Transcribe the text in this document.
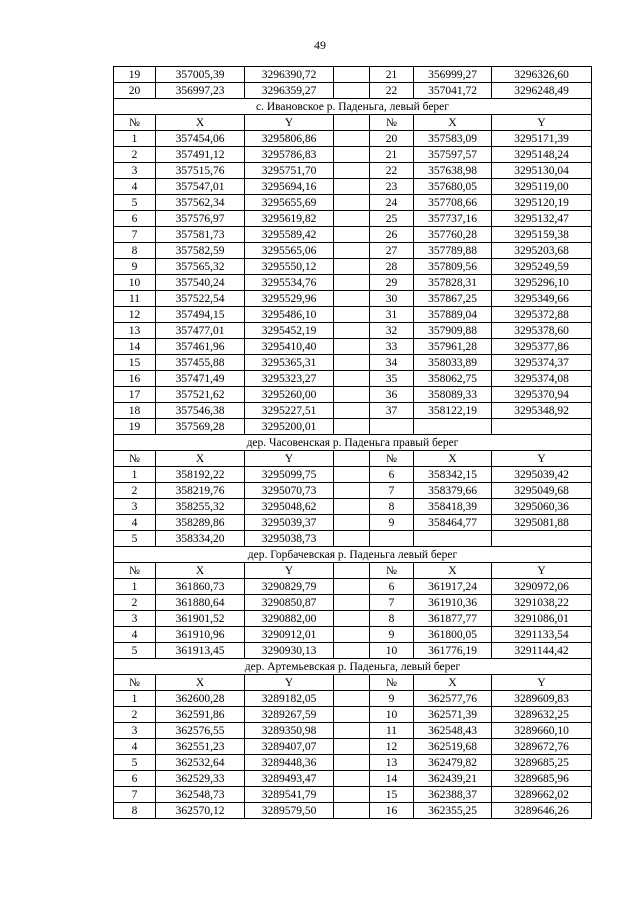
49
19	357005,39	3296390,72		21	356999,27	3296326,60
20	356997,23	3296359,27		22	357041,72	3296248,49
с. Ивановское р. Паденьга, левый берег						
№	X	Y		№	X	Y
1	357454,06	3295806,86		20	357583,09	3295171,39
2	357491,12	3295786,83		21	357597,57	3295148,24
3	357515,76	3295751,70		22	357638,98	3295130,04
4	357547,01	3295694,16		23	357680,05	3295119,00
5	357562,34	3295655,69		24	357708,66	3295120,19
6	357576,97	3295619,82		25	357737,16	3295132,47
7	357581,73	3295589,42		26	357760,28	3295159,38
8	357582,59	3295565,06		27	357789,88	3295203,68
9	357565,32	3295550,12		28	357809,56	3295249,59
10	357540,24	3295534,76		29	357828,31	3295296,10
11	357522,54	3295529,96		30	357867,25	3295349,66
12	357494,15	3295486,10		31	357889,04	3295372,88
13	357477,01	3295452,19		32	357909,88	3295378,60
14	357461,96	3295410,40		33	357961,28	3295377,86
15	357455,88	3295365,31		34	358033,89	3295374,37
16	357471,49	3295323,27		35	358062,75	3295374,08
17	357521,62	3295260,00		36	358089,33	3295370,94
18	357546,38	3295227,51		37	358122,19	3295348,92
19	357569,28	3295200,01				
дер. Часовенская р. Паденьга правый берег						
№	X	Y		№	X	Y
1	358192,22	3295099,75		6	358342,15	3295039,42
2	358219,76	3295070,73		7	358379,66	3295049,68
3	358255,32	3295048,62		8	358418,39	3295060,36
4	358289,86	3295039,37		9	358464,77	3295081,88
5	358334,20	3295038,73				
дер. Горбачевская р. Паденьга левый берег						
№	X	Y		№	X	Y
1	361860,73	3290829,79		6	361917,24	3290972,06
2	361880,64	3290850,87		7	361910,36	3291038,22
3	361901,52	3290882,00		8	361877,77	3291086,01
4	361910,96	3290912,01		9	361800,05	3291133,54
5	361913,45	3290930,13		10	361776,19	3291144,42
дер. Артемьевская р. Паденьга, левый берег						
№	X	Y		№	X	Y
1	362600,28	3289182,05		9	362577,76	3289609,83
2	362591,86	3289267,59		10	362571,39	3289632,25
3	362576,55	3289350,98		11	362548,43	3289660,10
4	362551,23	3289407,07		12	362519,68	3289672,76
5	362532,64	3289448,36		13	362479,82	3289685,25
6	362529,33	3289493,47		14	362439,21	3289685,96
7	362548,73	3289541,79		15	362388,37	3289662,02
8	362570,12	3289579,50		16	362355,25	3289646,26
